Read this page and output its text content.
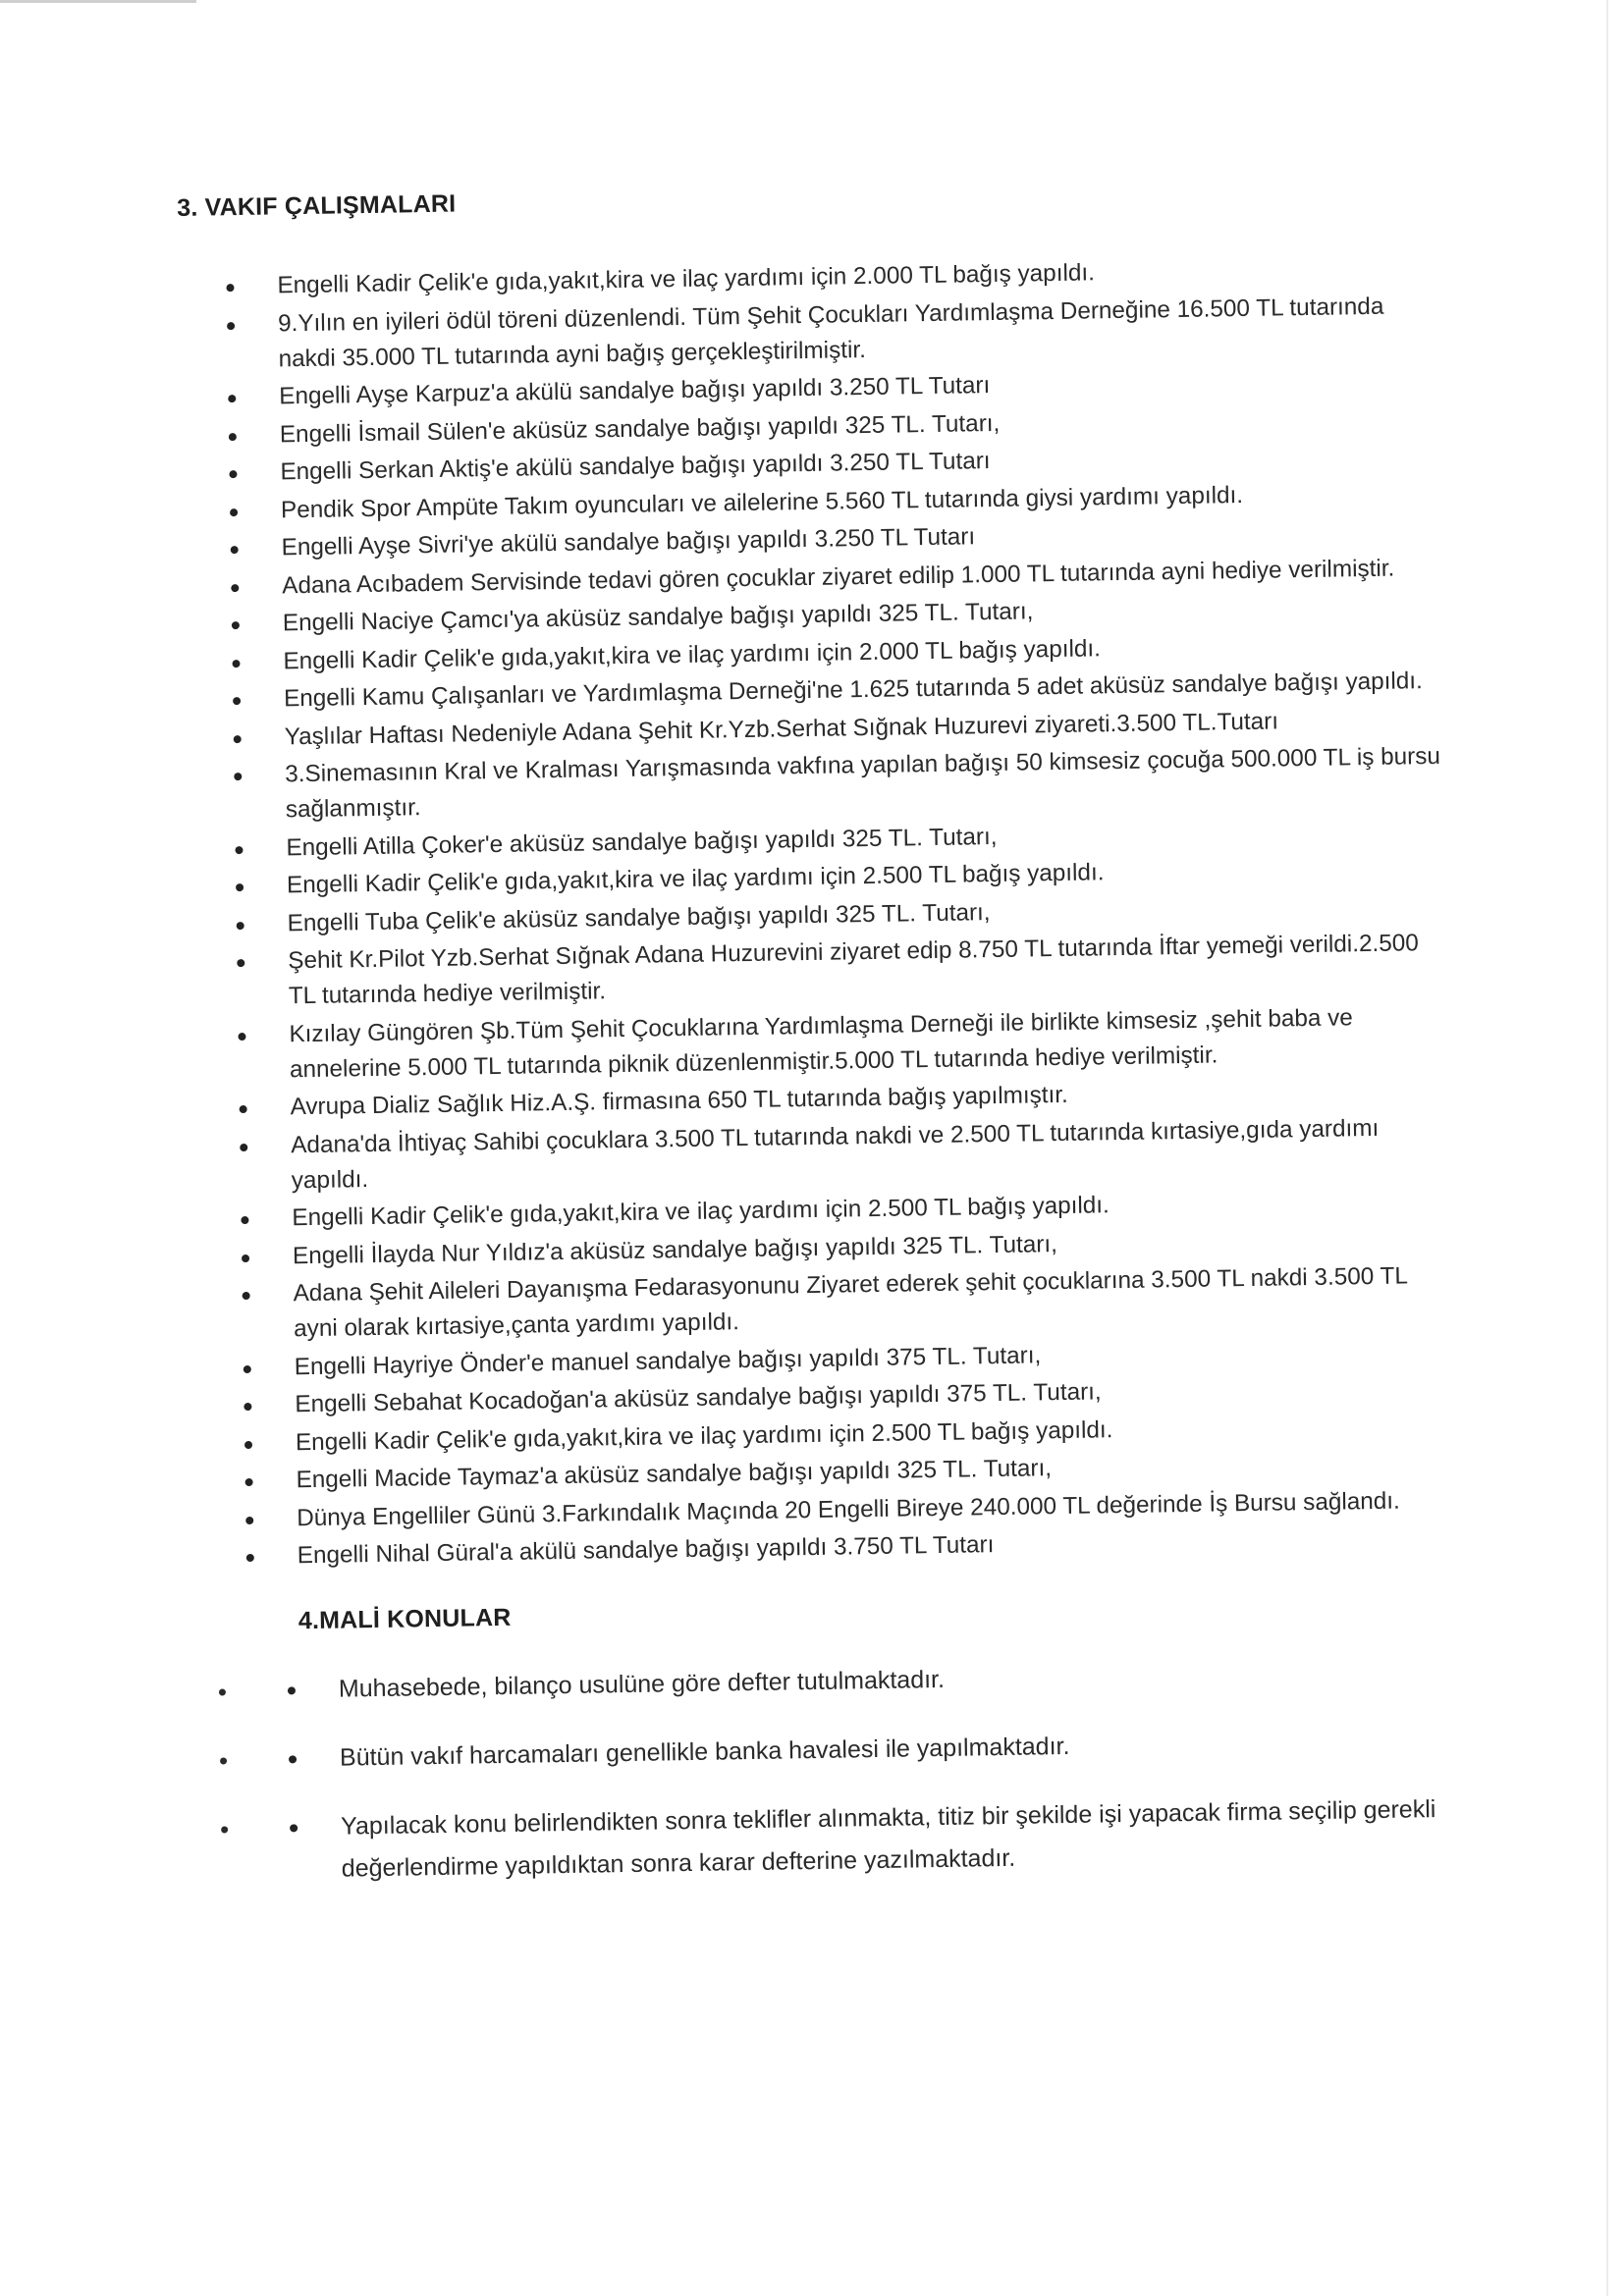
3. VAKIF ÇALIŞMALARI
Engelli Kadir Çelik'e gıda,yakıt,kira ve ilaç yardımı için 2.000 TL bağış yapıldı.
9.Yılın en iyileri ödül töreni düzenlendi. Tüm Şehit Çocukları Yardımlaşma Derneğine 16.500 TL tutarında nakdi 35.000 TL tutarında ayni bağış gerçekleştirilmiştir.
Engelli Ayşe Karpuz'a akülü sandalye bağışı yapıldı 3.250 TL Tutarı
Engelli İsmail Sülen'e aküsüz sandalye bağışı yapıldı 325 TL. Tutarı,
Engelli Serkan Aktiş'e akülü sandalye bağışı yapıldı 3.250 TL Tutarı
Pendik Spor Ampüte Takım oyuncuları ve ailelerine 5.560 TL tutarında giysi yardımı yapıldı.
Engelli Ayşe Sivri'ye akülü sandalye bağışı yapıldı 3.250 TL Tutarı
Adana Acıbadem Servisinde tedavi gören çocuklar ziyaret edilip 1.000 TL tutarında ayni hediye verilmiştir.
Engelli Naciye Çamcı'ya aküsüz sandalye bağışı yapıldı 325 TL. Tutarı,
Engelli Kadir Çelik'e gıda,yakıt,kira ve ilaç yardımı için 2.000 TL bağış yapıldı.
Engelli Kamu Çalışanları ve Yardımlaşma Derneği'ne 1.625 tutarında 5 adet aküsüz sandalye bağışı yapıldı.
Yaşlılar Haftası Nedeniyle Adana Şehit Kr.Yzb.Serhat Sığnak Huzurevi ziyareti.3.500 TL.Tutarı
3.Sinemasının Kral ve Kralması Yarışmasında vakfına yapılan bağışı 50 kimsesiz çocuğa 500.000 TL iş bursu sağlanmıştır.
Engelli Atilla Çoker'e aküsüz sandalye bağışı yapıldı 325 TL. Tutarı,
Engelli Kadir Çelik'e gıda,yakıt,kira ve ilaç yardımı için 2.500 TL bağış yapıldı.
Engelli Tuba Çelik'e aküsüz sandalye bağışı yapıldı 325 TL. Tutarı,
Şehit Kr.Pilot Yzb.Serhat Sığnak Adana Huzurevini ziyaret edip 8.750 TL tutarında İftar yemeği verildi.2.500 TL tutarında hediye verilmiştir.
Kızılay Güngören Şb.Tüm Şehit Çocuklarına Yardımlaşma Derneği ile birlikte kimsesiz ,şehit baba ve annelerine 5.000 TL tutarında piknik düzenlenmiştir.5.000 TL tutarında hediye verilmiştir.
Avrupa Dializ Sağlık Hiz.A.Ş. firmasına 650 TL tutarında bağış yapılmıştır.
Adana'da İhtiyaç Sahibi çocuklara 3.500 TL tutarında nakdi ve 2.500 TL tutarında kırtasiye,gıda yardımı yapıldı.
Engelli Kadir Çelik'e gıda,yakıt,kira ve ilaç yardımı için 2.500 TL bağış yapıldı.
Engelli İlayda Nur Yıldız'a aküsüz sandalye bağışı yapıldı 325 TL. Tutarı,
Adana Şehit Aileleri Dayanışma Fedarasyonunu Ziyaret ederek şehit çocuklarına 3.500 TL nakdi 3.500 TL ayni olarak kırtasiye,çanta yardımı yapıldı.
Engelli Hayriye Önder'e manuel sandalye bağışı yapıldı 375 TL. Tutarı,
Engelli Sebahat Kocadoğan'a aküsüz sandalye bağışı yapıldı 375 TL. Tutarı,
Engelli Kadir Çelik'e gıda,yakıt,kira ve ilaç yardımı için 2.500 TL bağış yapıldı.
Engelli Macide Taymaz'a aküsüz sandalye bağışı yapıldı 325 TL. Tutarı,
Dünya Engelliler Günü 3.Farkındalık Maçında 20 Engelli Bireye 240.000 TL değerinde İş Bursu sağlandı.
Engelli Nihal Güral'a akülü sandalye bağışı yapıldı 3.750 TL Tutarı
4.MALİ KONULAR
• Muhasebede, bilanço usulüne göre defter tutulmaktadır.
• Bütün vakıf harcamaları genellikle banka havalesi ile yapılmaktadır.
• Yapılacak konu belirlendikten sonra teklifler alınmakta, titiz bir şekilde işi yapacak firma seçilip gerekli değerlendirme yapıldıktan sonra karar defterine yazılmaktadır.
